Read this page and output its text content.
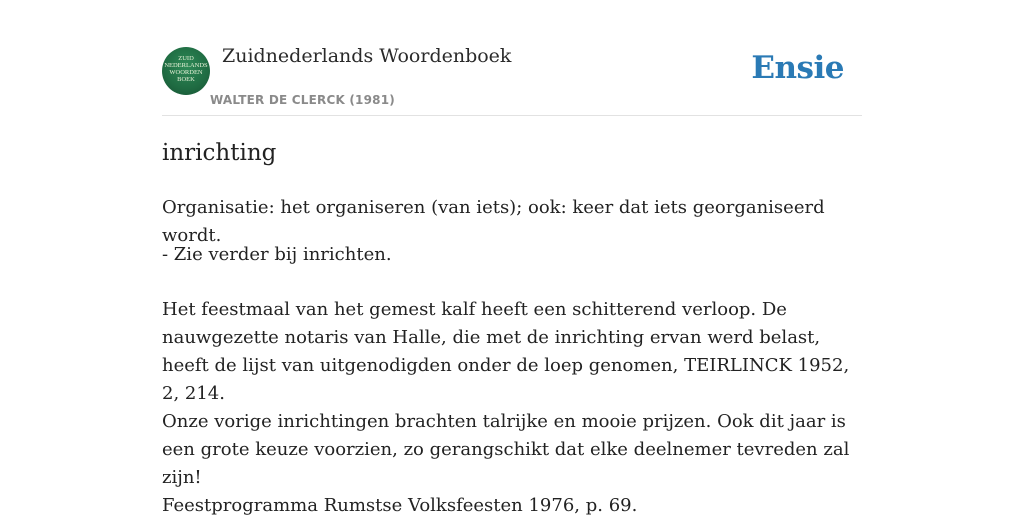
ZUID
NEDERLANDS
WOORDEN
BOEK
Zuidnederlands Woordenboek
WALTER DE CLERCK (1981)
Ensie
inrichting

Organisatie: het organiseren (van iets); ook: keer dat iets georganiseerd wordt.

- Zie verder bij inrichten.

Het feestmaal van het gemest kalf heeft een schitterend verloop. De nauwgezette notaris van Halle, die met de inrichting ervan werd belast, heeft de lijst van uitgenodigden onder de loep genomen, TEIRLINCK 1952, 2, 214.

Onze vorige inrichtingen brachten talrijke en mooie prijzen. Ook dit jaar is een grote keuze voorzien, zo gerangschikt dat elke deelnemer tevreden zal zijn!

Feestprogramma Rumstse Volksfeesten 1976, p. 69.
